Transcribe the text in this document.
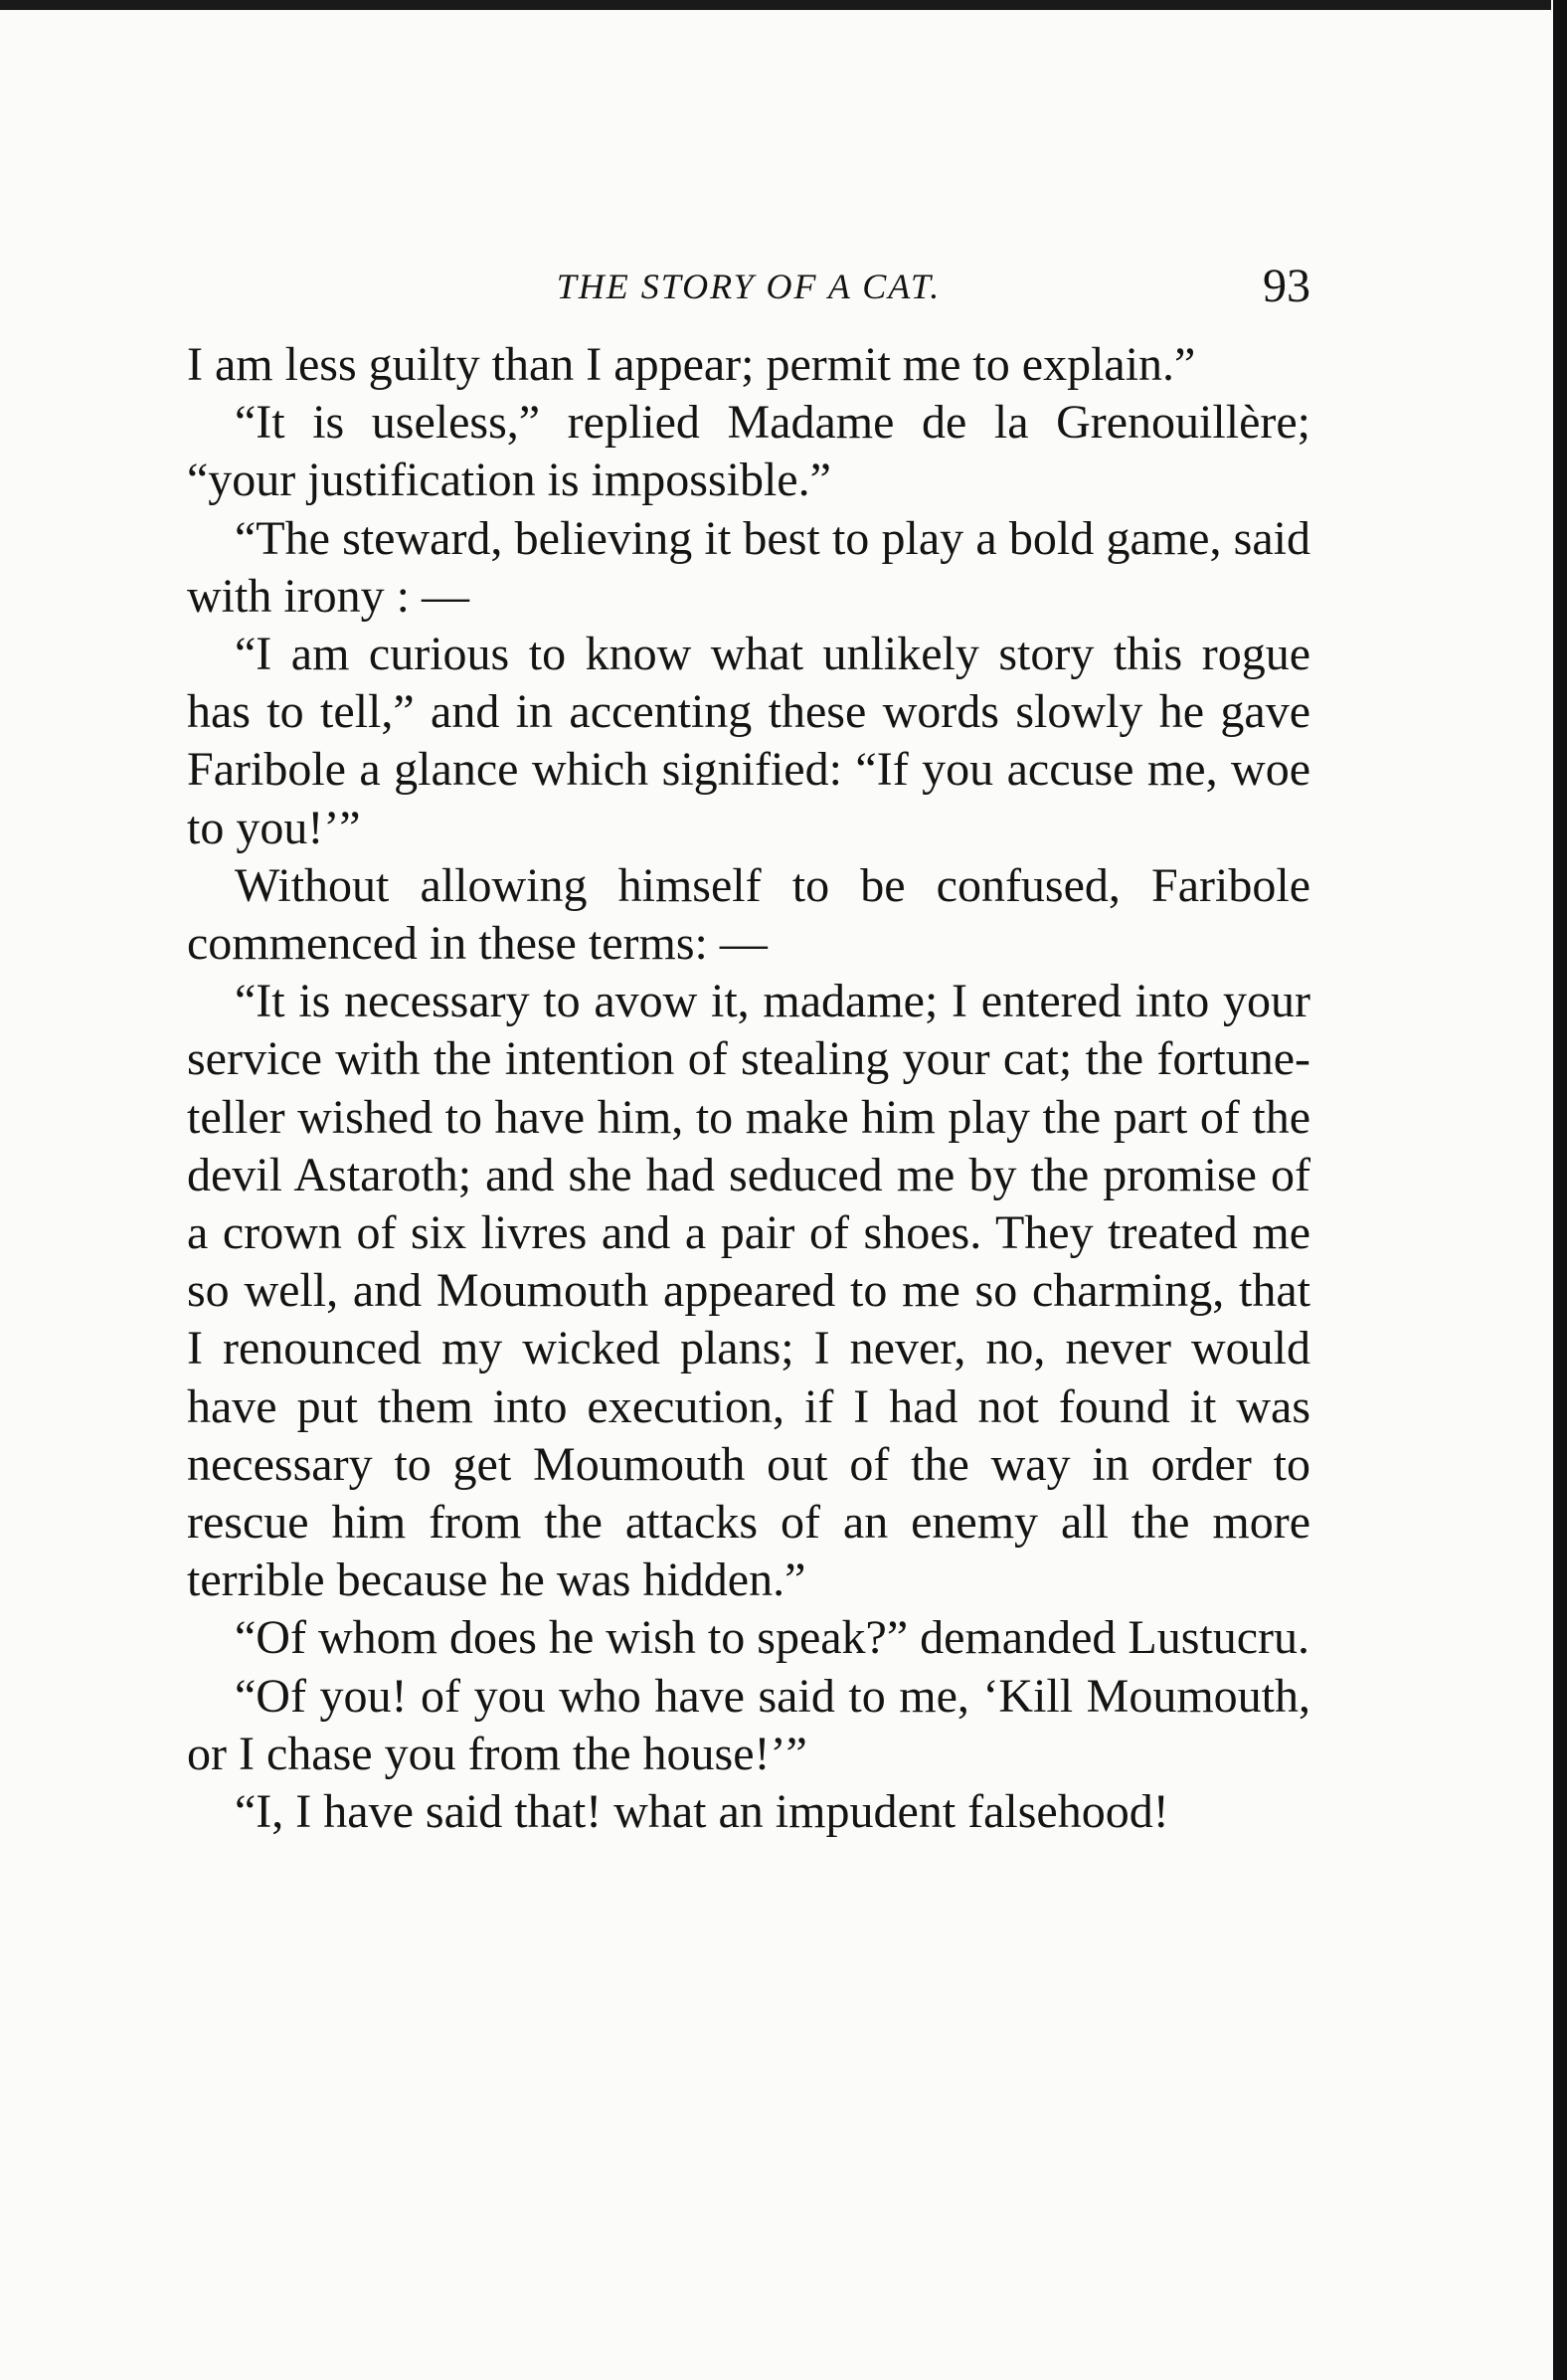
THE STORY OF A CAT.	93

I am less guilty than I appear; permit me to explain.”

“It is useless,” replied Madame de la Grenouillère; “your justification is impossible.”

“The steward, believing it best to play a bold game, said with irony : —

“I am curious to know what unlikely story this rogue has to tell,” and in accenting these words slowly he gave Faribole a glance which signified: “If you accuse me, woe to you!’”

Without allowing himself to be confused, Faribole commenced in these terms: —

“It is necessary to avow it, madame; I entered into your service with the intention of stealing your cat; the fortune-teller wished to have him, to make him play the part of the devil Astaroth; and she had seduced me by the promise of a crown of six livres and a pair of shoes. They treated me so well, and Moumouth appeared to me so charming, that I renounced my wicked plans; I never, no, never would have put them into execution, if I had not found it was necessary to get Moumouth out of the way in order to rescue him from the attacks of an enemy all the more terrible because he was hidden.”

“Of whom does he wish to speak?” demanded Lustucru.

“Of you! of you who have said to me, ‘Kill Moumouth, or I chase you from the house!’”

“I, I have said that! what an impudent falsehood!
